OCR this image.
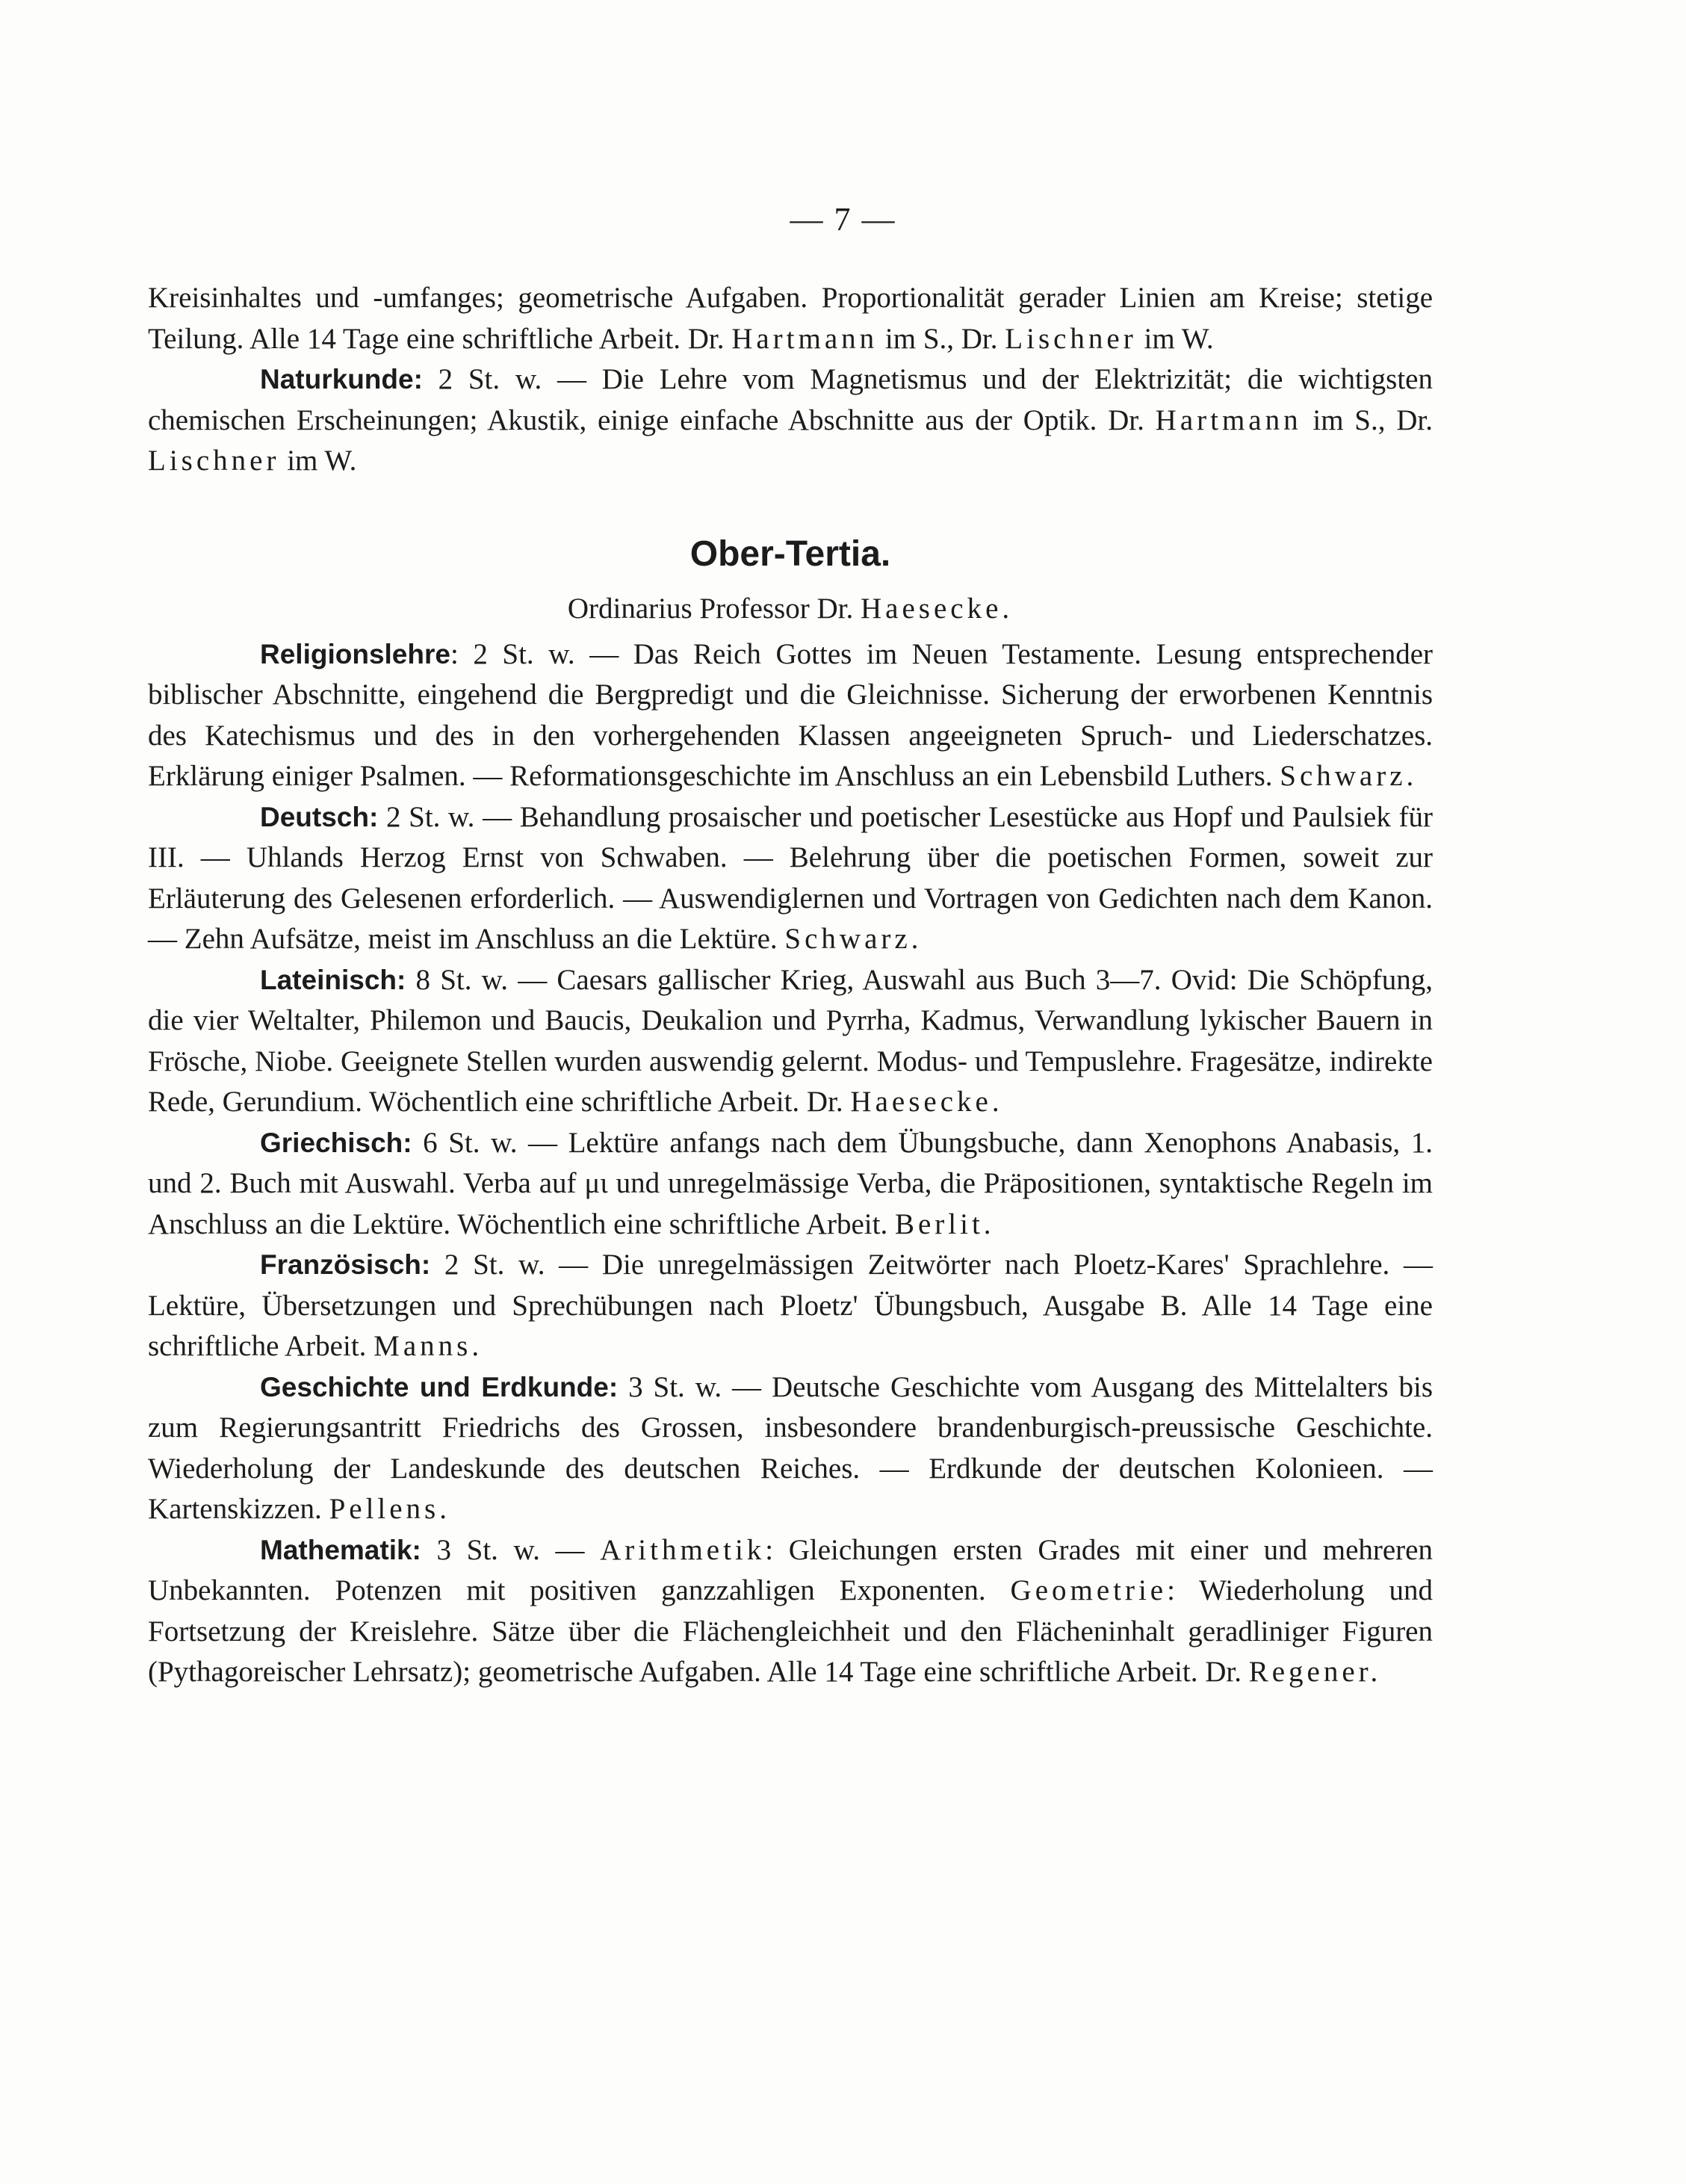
— 7 —

Kreisinhaltes und -umfanges; geometrische Aufgaben. Proportionalität gerader Linien am Kreise; stetige Teilung. Alle 14 Tage eine schriftliche Arbeit. Dr. Hartmann im S., Dr. Lischner im W.

Naturkunde: 2 St. w. — Die Lehre vom Magnetismus und der Elektrizität; die wichtigsten chemischen Erscheinungen; Akustik, einige einfache Abschnitte aus der Optik. Dr. Hartmann im S., Dr. Lischner im W.

Ober-Tertia.

Ordinarius Professor Dr. Haesecke.

Religionslehre: 2 St. w. — Das Reich Gottes im Neuen Testamente. Lesung entsprechender biblischer Abschnitte, eingehend die Bergpredigt und die Gleichnisse. Sicherung der erworbenen Kenntnis des Katechismus und des in den vorhergehenden Klassen angeeigneten Spruch- und Liederschatzes. Erklärung einiger Psalmen. — Reformationsgeschichte im Anschluss an ein Lebensbild Luthers. Schwarz.

Deutsch: 2 St. w. — Behandlung prosaischer und poetischer Lesestücke aus Hopf und Paulsiek für III. — Uhlands Herzog Ernst von Schwaben. — Belehrung über die poetischen Formen, soweit zur Erläuterung des Gelesenen erforderlich. — Auswendiglernen und Vortragen von Gedichten nach dem Kanon. — Zehn Aufsätze, meist im Anschluss an die Lektüre. Schwarz.

Lateinisch: 8 St. w. — Caesars gallischer Krieg, Auswahl aus Buch 3—7. Ovid: Die Schöpfung, die vier Weltalter, Philemon und Baucis, Deukalion und Pyrrha, Kadmus, Verwandlung lykischer Bauern in Frösche, Niobe. Geeignete Stellen wurden auswendig gelernt. Modus- und Tempuslehre. Fragesätze, indirekte Rede, Gerundium. Wöchentlich eine schriftliche Arbeit. Dr. Haesecke.

Griechisch: 6 St. w. — Lektüre anfangs nach dem Übungsbuche, dann Xenophons Anabasis, 1. und 2. Buch mit Auswahl. Verba auf μι und unregelmässige Verba, die Präpositionen, syntaktische Regeln im Anschluss an die Lektüre. Wöchentlich eine schriftliche Arbeit. Berlit.

Französisch: 2 St. w. — Die unregelmässigen Zeitwörter nach Ploetz-Kares' Sprachlehre. — Lektüre, Übersetzungen und Sprechübungen nach Ploetz' Übungsbuch, Ausgabe B. Alle 14 Tage eine schriftliche Arbeit. Manns.

Geschichte und Erdkunde: 3 St. w. — Deutsche Geschichte vom Ausgang des Mittelalters bis zum Regierungsantritt Friedrichs des Grossen, insbesondere brandenburgisch-preussische Geschichte. Wiederholung der Landeskunde des deutschen Reiches. — Erdkunde der deutschen Kolonieen. — Kartenskizzen. Pellens.

Mathematik: 3 St. w. — Arithmetik: Gleichungen ersten Grades mit einer und mehreren Unbekannten. Potenzen mit positiven ganzzahligen Exponenten. Geometrie: Wiederholung und Fortsetzung der Kreislehre. Sätze über die Flächengleichheit und den Flächeninhalt geradliniger Figuren (Pythagoreischer Lehrsatz); geometrische Aufgaben. Alle 14 Tage eine schriftliche Arbeit. Dr. Regener.
